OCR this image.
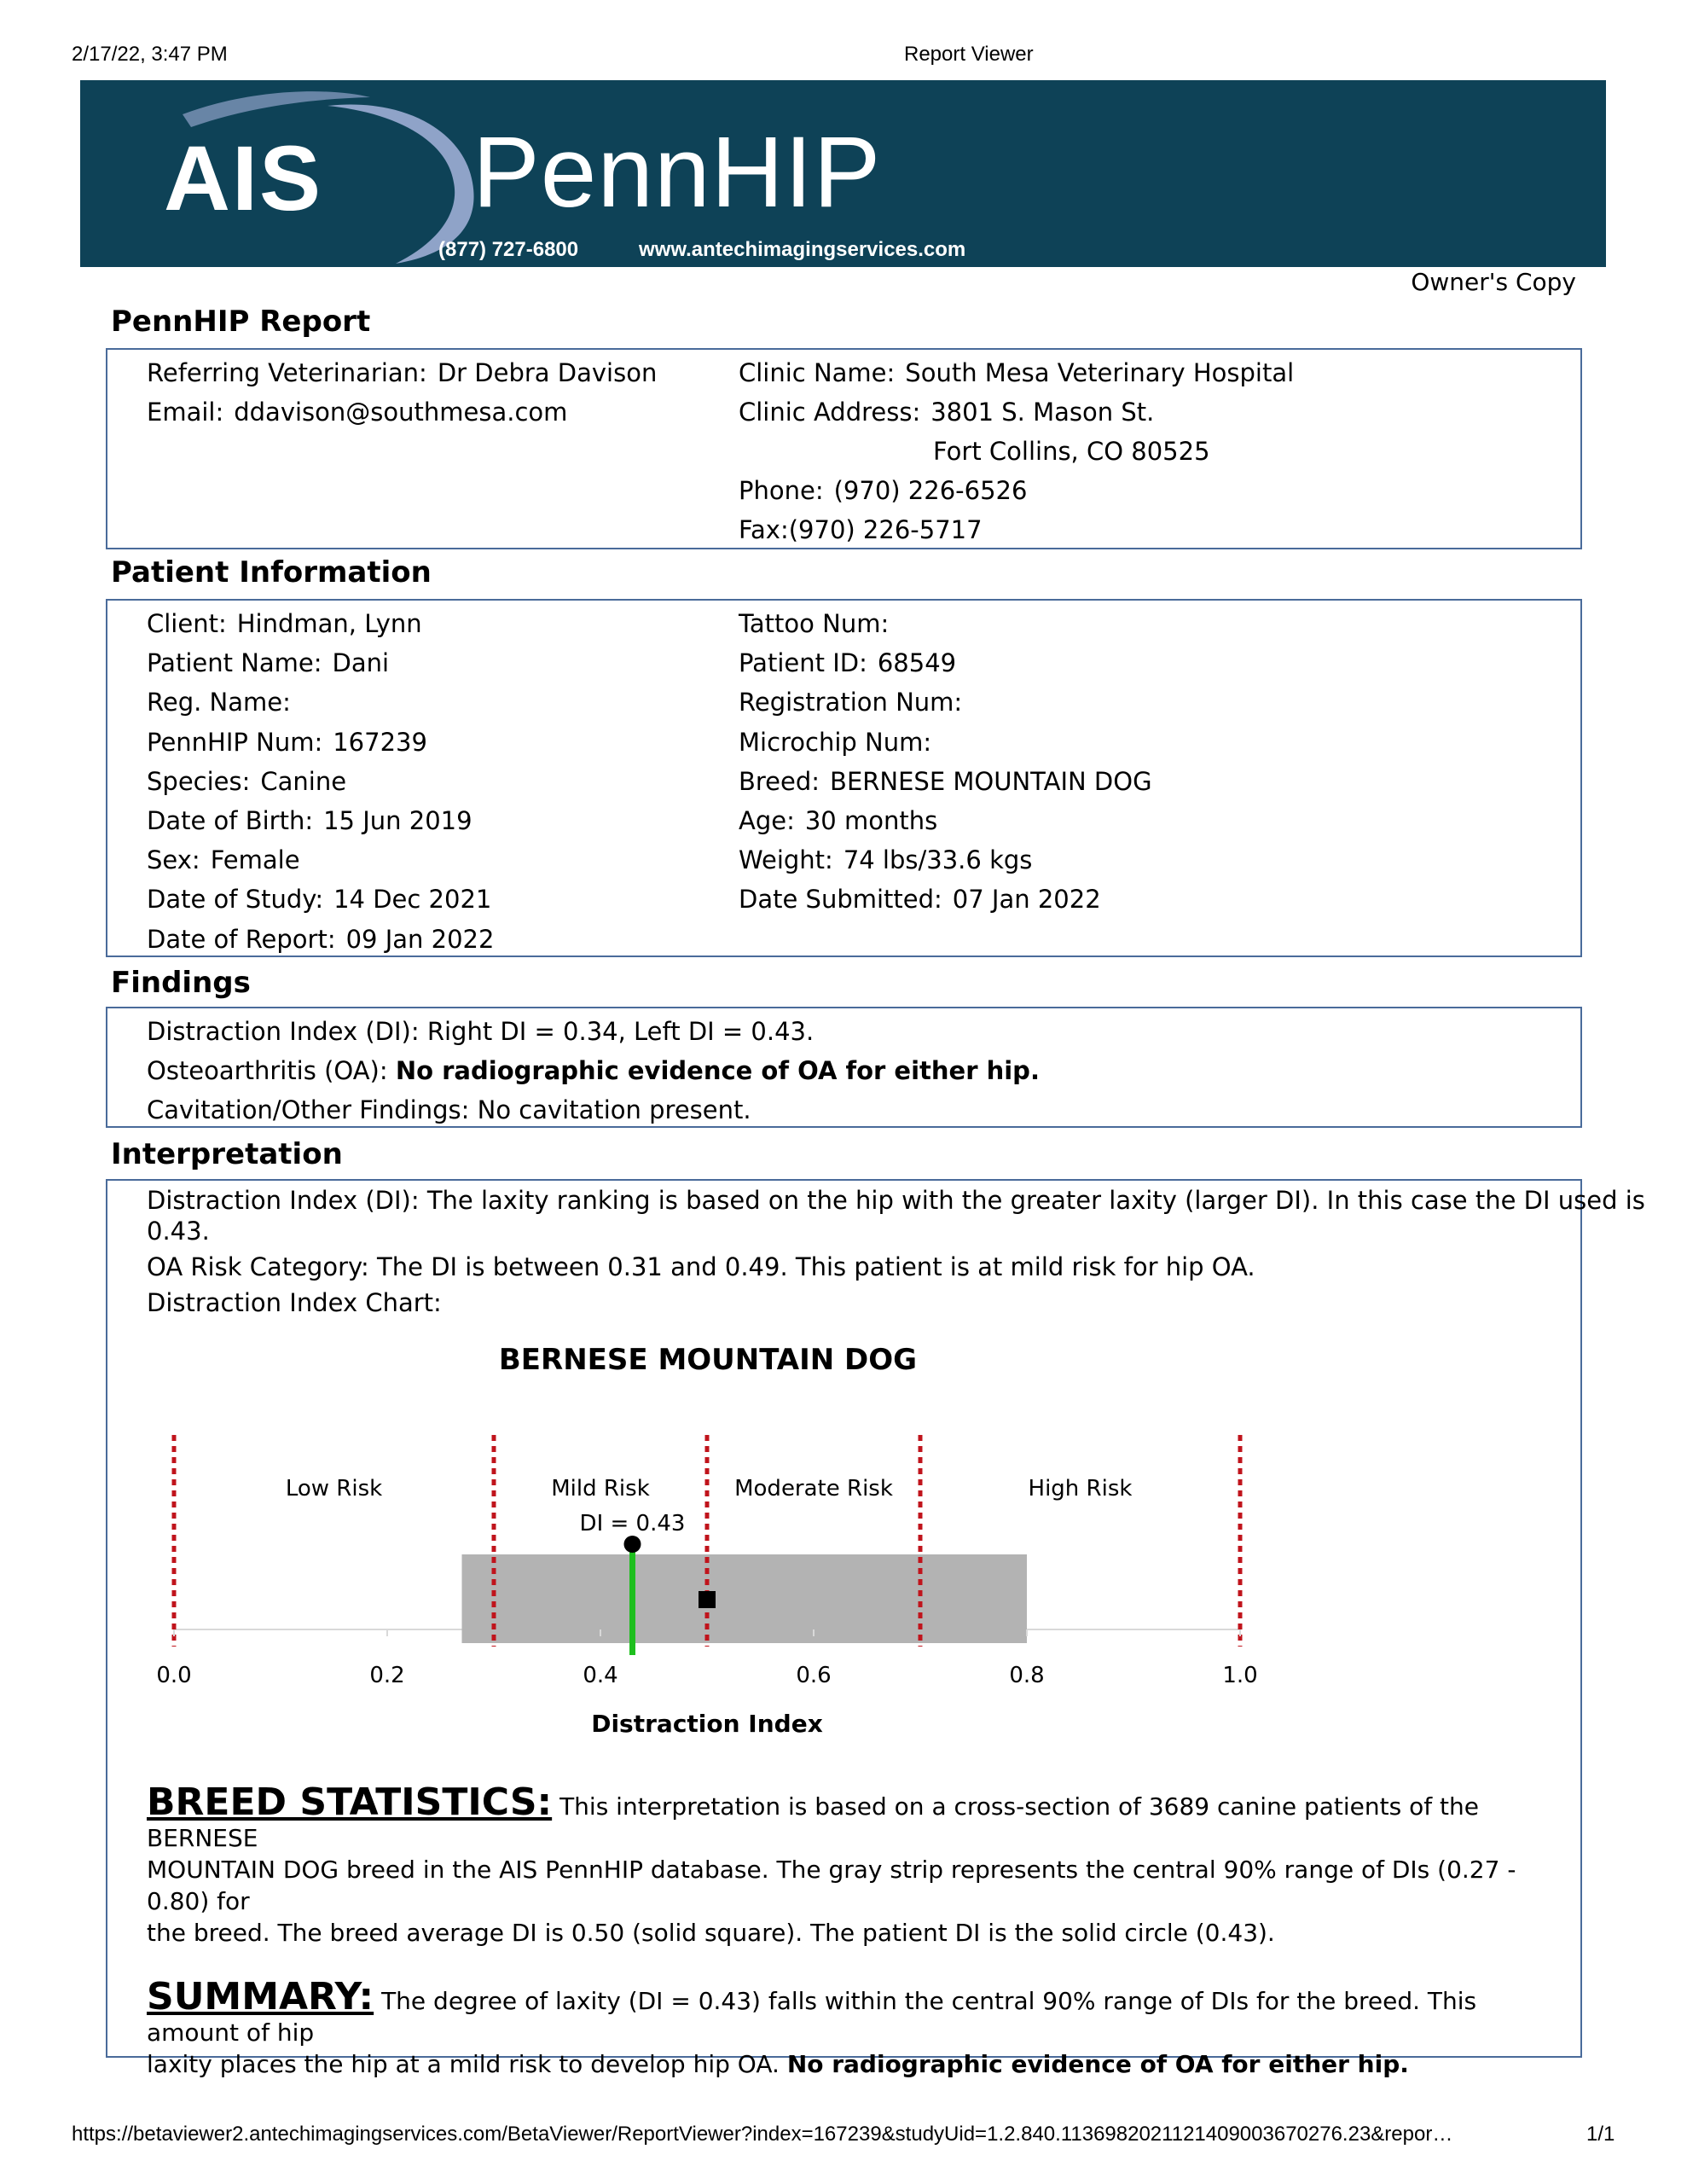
2/17/22, 3:47 PM	Report Viewer
AIS PennHIP
(877) 727-6800	www.antechimagingservices.com
Owner's Copy
PennHIP Report
Referring Veterinarian: Dr Debra Davison
Email: ddavison@southmesa.com
Clinic Name: South Mesa Veterinary Hospital
Clinic Address: 3801 S. Mason St.
Fort Collins, CO 80525
Phone: (970) 226-6526
Fax:(970) 226-5717
Patient Information
Client: Hindman, Lynn
Patient Name: Dani
Reg. Name:
PennHIP Num: 167239
Species: Canine
Date of Birth: 15 Jun 2019
Sex: Female
Date of Study: 14 Dec 2021
Date of Report: 09 Jan 2022
Tattoo Num:
Patient ID: 68549
Registration Num:
Microchip Num:
Breed: BERNESE MOUNTAIN DOG
Age: 30 months
Weight: 74 lbs/33.6 kgs
Date Submitted: 07 Jan 2022
Findings
Distraction Index (DI): Right DI = 0.34, Left DI = 0.43.
Osteoarthritis (OA): No radiographic evidence of OA for either hip.
Cavitation/Other Findings: No cavitation present.
Interpretation
Distraction Index (DI): The laxity ranking is based on the hip with the greater laxity (larger DI). In this case the DI used is
0.43.
OA Risk Category: The DI is between 0.31 and 0.49. This patient is at mild risk for hip OA.
Distraction Index Chart:
BREED STATISTICS: This interpretation is based on a cross-section of 3689 canine patients of the BERNESE
MOUNTAIN DOG breed in the AIS PennHIP database. The gray strip represents the central 90% range of DIs (0.27 - 0.80) for
the breed. The breed average DI is 0.50 (solid square). The patient DI is the solid circle (0.43).
SUMMARY: The degree of laxity (DI = 0.43) falls within the central 90% range of DIs for the breed. This amount of hip
laxity places the hip at a mild risk to develop hip OA. No radiographic evidence of OA for either hip.
BERNESE MOUNTAIN DOG
Low Risk	Mild Risk	Moderate Risk	High Risk
DI = 0.43
0.0	0.2	0.4	0.6	0.8	1.0
Distraction Index
https://betaviewer2.antechimagingservices.com/BetaViewer/ReportViewer?index=167239&studyUid=1.2.840.1136982021121409003670276.23&repor…	1/1
